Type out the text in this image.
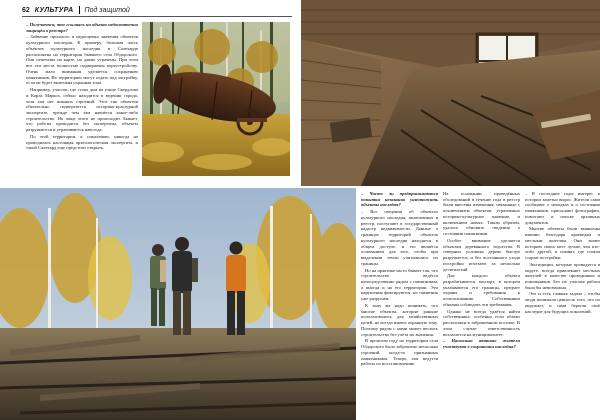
62 КУЛЬТУРА Под защитой

– Получается, что ссылаясь на объект недостаточно защищён в реестре?

– Забвение прошлого и недооценка значения объектов культурного наследия. К примеру, большая часть объектов культурного наследия в Салехарде расположена на территории бывшего села Обдорского. Они отмечены на карте, но давно утрачены. При этом все эти места полностью подвержены переустройству. Очень мало внимания уделяется сохранению памятников. Их территорию могут отдать под застройку, если не будет включена охранная зона.

Например, участок, где стоял дом на улице Свердлова и Карла Маркса, сейчас находится в ведении города, хотя там нет никаких строений. Этот тип объектов обязательно подвергается историко-культурной экспертизе, прежде чем там начнётся какое-либо строительство. Но чаще этого не происходит. Бывает, что работы проводятся без экспертизы, объекты разрушаются и утрачиваются навсегда.

По этой территории, к сожалению, никогда не проводилась настоящая археологическая экспертиза, и такой Салехард еще предстоит открыть.

– Часто ли предпринимаются попытки незаконно уничтожить объекты наследия?

– Все сведения об объектах культурного наследия, включенных в реестр, поступают в государственный кадастр недвижимости. Данные о границах территорий объектов культурного наследия находятся в общем доступе, и это является основанием для того, чтобы при выделении земли учитывались их границы.

Но на практике часто бывает так, что строительство ведётся непосредственно рядом с памятником, а иногда и на его территории. Эти нарушения фиксируются, но памятник уже разрушен.

К тому же надо понимать, что многие объекты, которые раньше использовались для хозяйственных целей, не всегда имеют охранную зону. Поэтому рядом с ними может вестись строительство без учёта их значения.

В прошлом году на территории села Обдорского было заброшено несколько строений, когда-то признанных памятниками. Теперь там ведутся работы по восстановлению.

На основании проведённых обследований в течение года в реестр были внесены изменения, связанные с исключением объектов, утративших историко-культурное значение, и включением новых. Таким образом, удалось обновить сведения о состоянии памятников.

Особое внимание уделяется объектам деревянного зодчества. В северных условиях дерево быстро разрушается, и без постоянного ухода постройки исчезают за несколько десятилетий.

Для каждого объекта разрабатывается паспорт, в котором указываются его границы, предмет охраны и требования к использованию. Собственники обязаны соблюдать эти требования.

Однако не всегда удаётся найти собственника, особенно если объект расположен в заброшенном поселке. В этом случае ответственность возлагается на муниципалитет.

– Насколько активно жители участвуют в сохранении наследия?

– В последние годы интерес к истории заметно вырос. Жители сами сообщают о находках и о состоянии памятников, присылают фотографии, помогают в поиске архивных документов.

Многие объекты были выявлены именно благодаря краеведам и местным жителям. Они знают историю своих мест лучше, чем кто-либо другой, и помнят, где стояли старые постройки.

Экспедиции, которые проводятся в округе, всегда привлекают местных жителей в качестве проводников и помощников. Без их участия работа была бы невозможна.

Это и есть главная задача – чтобы люди понимали ценность того, что их окружает, и сами берегли своё наследие для будущих поколений.
